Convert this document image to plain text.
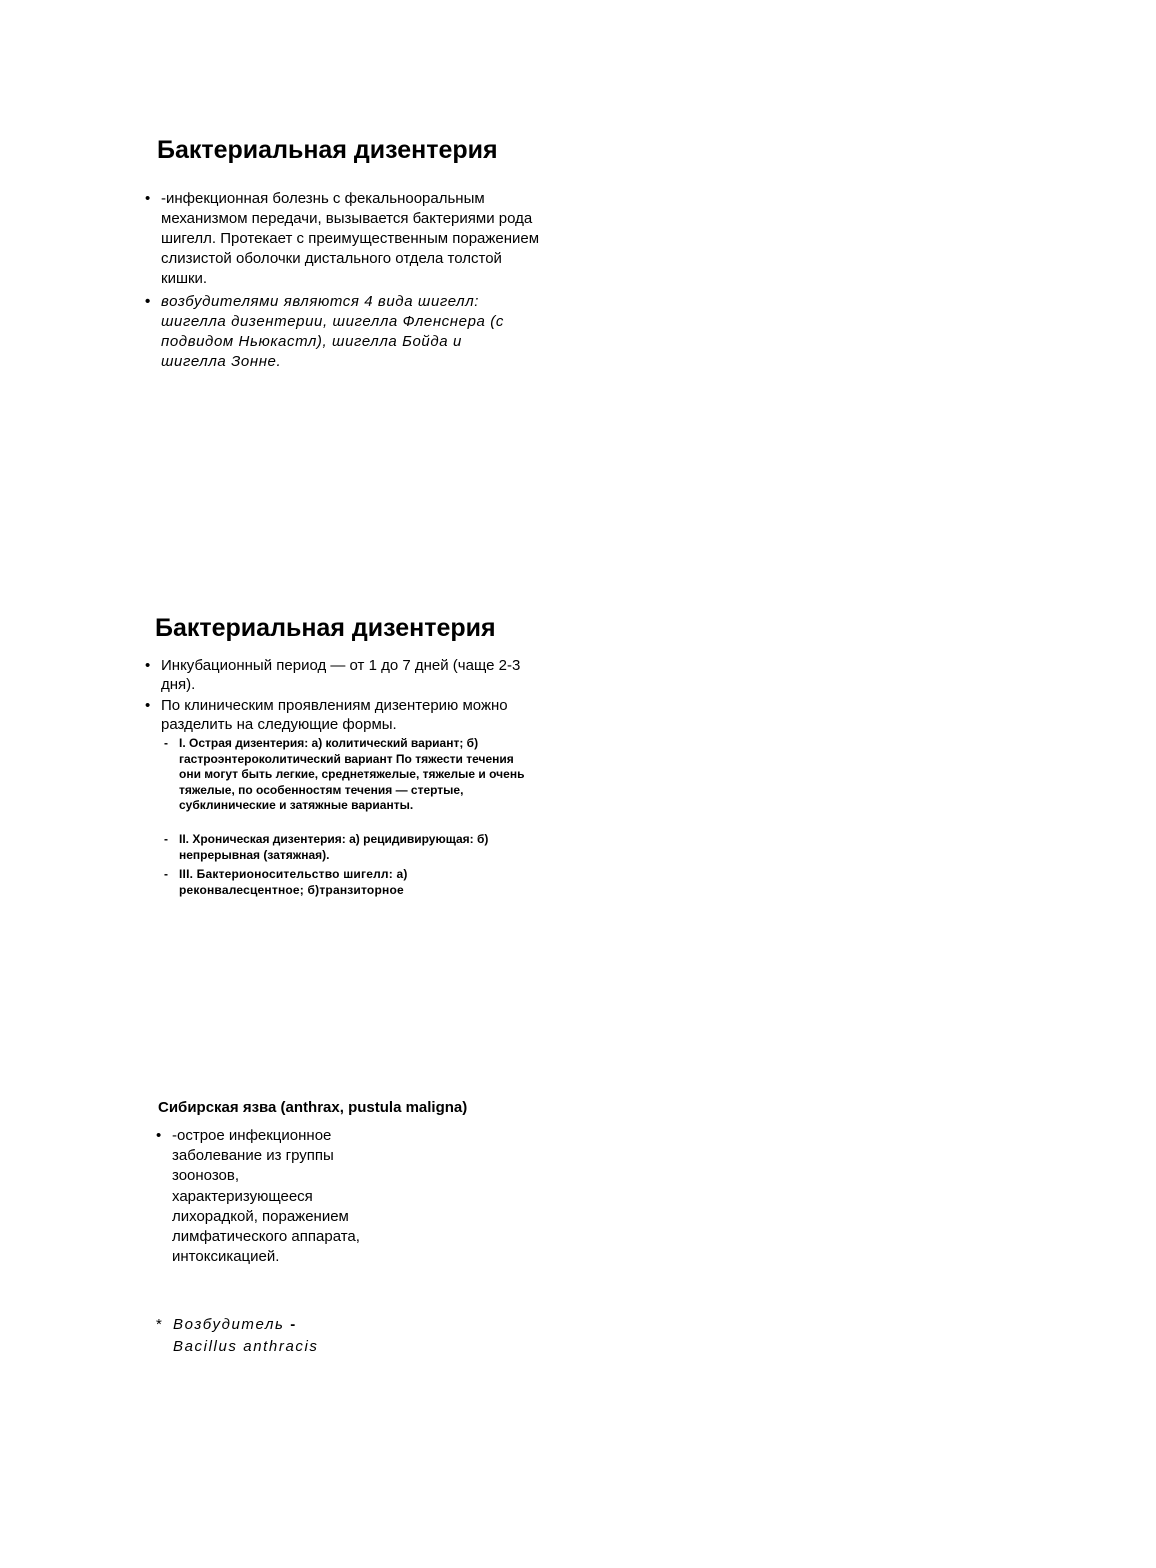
Бактериальная дизентерия
• -инфекционная болезнь с фекальнооральным механизмом передачи, вызывается бактериями рода шигелл. Протекает с преимущественным поражением слизистой оболочки дистального отдела толстой кишки.
• возбудителями являются 4 вида шигелл: шигелла дизентерии, шигелла Фленснера (с подвидом Ньюкастл), шигелла Бойда и шигелла Зонне.
Бактериальная дизентерия
• Инкубационный период — от 1 до 7 дней (чаще 2-3 дня).
• По клиническим проявлениям дизентерию можно разделить на следующие формы.
- I. Острая дизентерия: а) колитический вариант; б) гастроэнтероколитический вариант По тяжести течения они могут быть легкие, среднетяжелые, тяжелые и очень тяжелые, по особенностям течения — стертые, субклинические и затяжные варианты.
- II. Хроническая дизентерия: а) рецидивирующая: б) непрерывная (затяжная).
- III. Бактерионосительство шигелл: а) реконвалесцентное; б)транзиторное
Сибирская язва (anthrax, pustula maligna)
• -острое инфекционное заболевание из группы зоонозов, характеризующееся лихорадкой, поражением лимфатического аппарата, интоксикацией.
* Возбудитель -
Bacillus anthracis
